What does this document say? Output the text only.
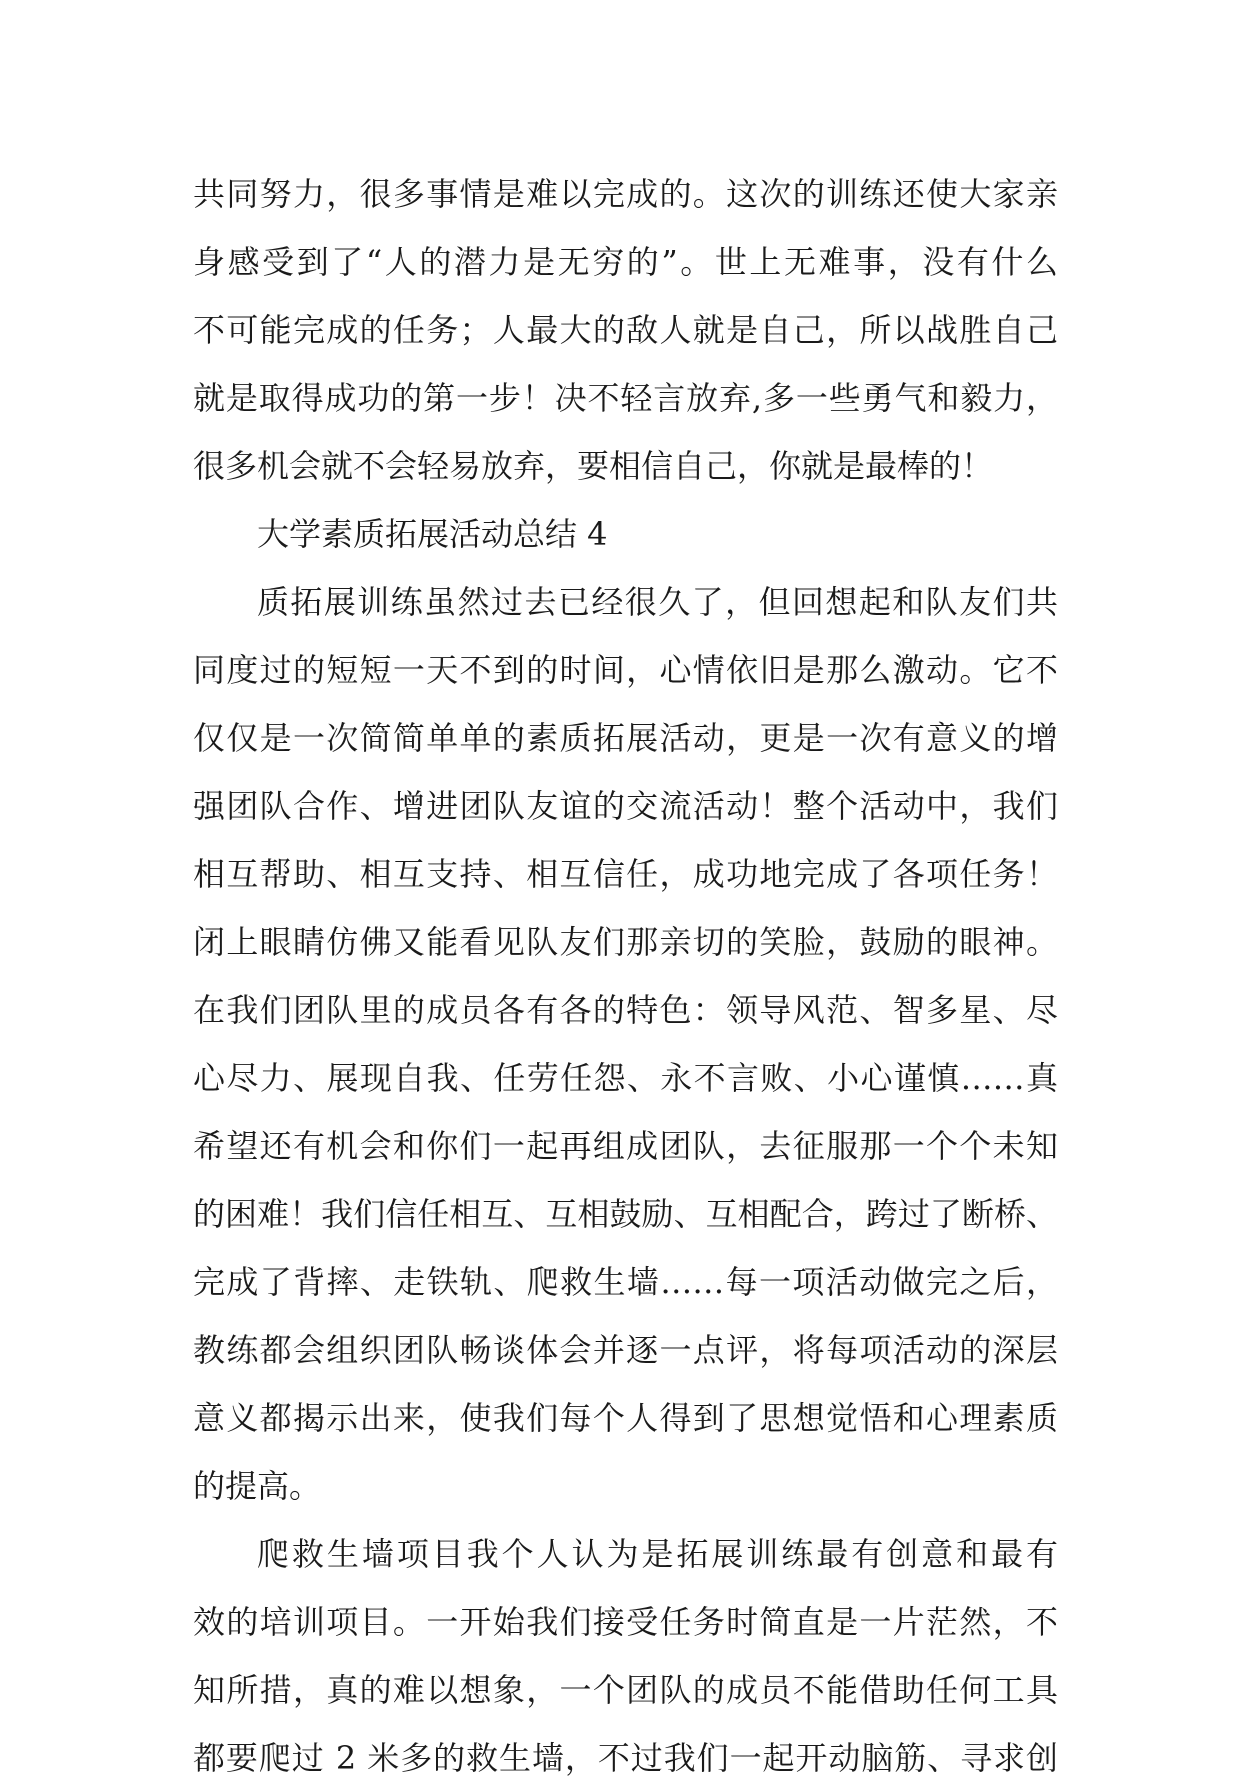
共同努力，很多事情是难以完成的。这次的训练还使大家亲
身感受到了“人的潜力是无穷的”。世上无难事，没有什么
不可能完成的任务；人最大的敌人就是自己，所以战胜自己
就是取得成功的第一步！决不轻言放弃,多一些勇气和毅力，
很多机会就不会轻易放弃，要相信自己，你就是最棒的！
大学素质拓展活动总结 4
质拓展训练虽然过去已经很久了，但回想起和队友们共
同度过的短短一天不到的时间，心情依旧是那么激动。它不
仅仅是一次简简单单的素质拓展活动，更是一次有意义的增
强团队合作、增进团队友谊的交流活动！整个活动中，我们
相互帮助、相互支持、相互信任，成功地完成了各项任务！
闭上眼睛仿佛又能看见队友们那亲切的笑脸，鼓励的眼神。
在我们团队里的成员各有各的特色：领导风范、智多星、尽
心尽力、展现自我、任劳任怨、永不言败、小心谨慎……真
希望还有机会和你们一起再组成团队，去征服那一个个未知
的困难！我们信任相互、互相鼓励、互相配合，跨过了断桥、
完成了背摔、走铁轨、爬救生墙……每一项活动做完之后，
教练都会组织团队畅谈体会并逐一点评，将每项活动的深层
意义都揭示出来，使我们每个人得到了思想觉悟和心理素质
的提高。
爬救生墙项目我个人认为是拓展训练最有创意和最有
效的培训项目。一开始我们接受任务时简直是一片茫然，不
知所措，真的难以想象，一个团队的成员不能借助任何工具
都要爬过 2 米多的救生墙，不过我们一起开动脑筋、寻求创
